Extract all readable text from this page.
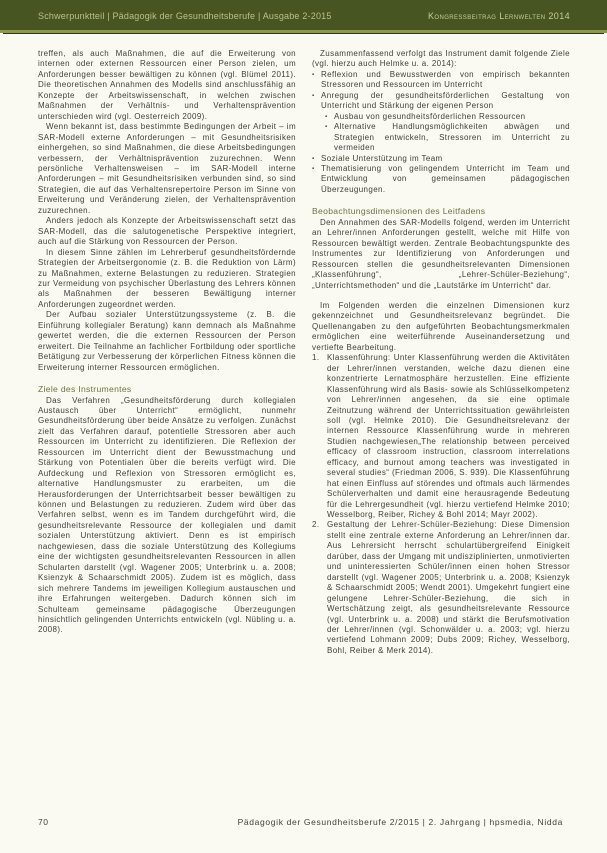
Schwerpunktteil | Pädagogik der Gesundheitsberufe | Ausgabe 2-2015	Kongressbeitrag Lernwelten 2014

treffen, als auch Maßnahmen, die auf die Erweiterung von internen oder externen Ressourcen einer Person zielen, um Anforderungen besser bewältigen zu können (vgl. Blümel 2011). Die theoretischen Annahmen des Modells sind anschlussfähig an Konzepte der Arbeitswissenschaft, in welchen zwischen Maßnahmen der Verhältnis- und Verhaltensprävention unterschieden wird (vgl. Oesterreich 2009).

Wenn bekannt ist, dass bestimmte Bedingungen der Arbeit – im SAR-Modell externe Anforderungen – mit Gesundheitsrisiken einhergehen, so sind Maßnahmen, die diese Arbeitsbedingungen verbessern, der Verhältnisprävention zuzurechnen. Wenn persönliche Verhaltensweisen – im SAR-Modell interne Anforderungen – mit Gesundheitsrisiken verbunden sind, so sind Strategien, die auf das Verhaltensrepertoire Person im Sinne von Erweiterung und Veränderung zielen, der Verhaltensprävention zuzurechnen.

Anders jedoch als Konzepte der Arbeitswissenschaft setzt das SAR-Modell, das die salutogenetische Perspektive integriert, auch auf die Stärkung von Ressourcen der Person.

In diesem Sinne zählen im Lehrerberuf gesundheitsfördernde Strategien der Arbeitsergonomie (z. B. die Reduktion von Lärm) zu Maßnahmen, externe Belastungen zu reduzieren. Strategien zur Vermeidung von psychischer Überlastung des Lehrers können als Maßnahmen der besseren Bewältigung interner Anforderungen zugeordnet werden.

Der Aufbau sozialer Unterstützungssysteme (z. B. die Einführung kollegialer Beratung) kann demnach als Maßnahme gewertet werden, die die externen Ressourcen der Person erweitert. Die Teilnahme an fachlicher Fortbildung oder sportliche Betätigung zur Verbesserung der körperlichen Fitness können die Erweiterung interner Ressourcen ermöglichen.

Ziele des Instrumentes

Das Verfahren „Gesundheitsförderung durch kollegialen Austausch über Unterricht“ ermöglicht, nunmehr Gesundheitsförderung über beide Ansätze zu verfolgen. Zunächst zielt das Verfahren darauf, potentielle Stressoren aber auch Ressourcen im Unterricht zu identifizieren. Die Reflexion der Ressourcen im Unterricht dient der Bewusstmachung und Stärkung von Potentialen über die bereits verfügt wird. Die Aufdeckung und Reflexion von Stressoren ermöglicht es, alternative Handlungsmuster zu erarbeiten, um die Herausforderungen der Unterrichtsarbeit besser bewältigen zu können und Belastungen zu reduzieren. Zudem wird über das Verfahren selbst, wenn es im Tandem durchgeführt wird, die gesundheitsrelevante Ressource der kollegialen und damit sozialen Unterstützung aktiviert. Denn es ist empirisch nachgewiesen, dass die soziale Unterstützung des Kollegiums eine der wichtigsten gesundheitsrelevanten Ressourcen in allen Schularten darstellt (vgl. Wagener 2005; Unterbrink u. a. 2008; Ksienzyk & Schaarschmidt 2005). Zudem ist es möglich, dass sich mehrere Tandems im jeweiligen Kollegium austauschen und ihre Erfahrungen weitergeben. Dadurch können sich im Schulteam gemeinsame pädagogische Überzeugungen hinsichtlich gelingenden Unterrichts entwickeln (vgl. Nübling u. a. 2008).

Zusammenfassend verfolgt das Instrument damit folgende Ziele (vgl. hierzu auch Helmke u. a. 2014):

▪ Reflexion und Bewusstwerden von empirisch bekannten Stressoren und Ressourcen im Unterricht
▪ Anregung der gesundheitsförderlichen Gestaltung von Unterricht und Stärkung der eigenen Person
▪ Ausbau von gesundheitsförderlichen Ressourcen
▪ Alternative Handlungsmöglichkeiten abwägen und Strategien entwickeln, Stressoren im Unterricht zu vermeiden
▪ Soziale Unterstützung im Team
▪ Thematisierung von gelingendem Unterricht im Team und Entwicklung von gemeinsamen pädagogischen Überzeugungen.
Beobachtungsdimensionen des Leitfadens

Den Annahmen des SAR-Modells folgend, werden im Unterricht an Lehrer/innen Anforderungen gestellt, welche mit Hilfe von Ressourcen bewältigt werden. Zentrale Beobachtungspunkte des Instrumentes zur Identifizierung von Anforderungen und Ressourcen stellen die gesundheitsrelevanten Dimensionen „Klassenführung“, „Lehrer-Schüler-Beziehung“, „Unterrichtsmethoden“ und die „Lautstärke im Unterricht“ dar.

Im Folgenden werden die einzelnen Dimensionen kurz gekennzeichnet und Gesundheitsrelevanz begründet. Die Quellenangaben zu den aufgeführten Beobachtungsmerkmalen ermöglichen eine weiterführende Auseinandersetzung und vertiefte Bearbeitung.

1. Klassenführung: Unter Klassenführung werden die Aktivitäten der Lehrer/innen verstanden, welche dazu dienen eine konzentrierte Lernatmosphäre herzustellen. Eine effiziente Klassenführung wird als Basis- sowie als Schlüsselkompetenz von Lehrer/innen angesehen, da sie eine optimale Zeitnutzung während der Unterrichtssituation gewährleisten soll (vgl. Helmke 2010). Die Gesundheitsrelevanz der internen Ressource Klassenführung wurde in mehreren Studien nachgewiesen„The relationship between perceived efficacy of classroom instruction, classroom interrelations efficacy, and burnout among teachers was investigated in several studies“ (Friedman 2006, S. 939). Die Klassenführung hat einen Einfluss auf störendes und oftmals auch lärmendes Schülerverhalten und damit eine herausragende Bedeutung für die Lehrergesundheit (vgl. hierzu vertiefend Helmke 2010; Wesselborg, Reiber, Richey & Bohl 2014; Mayr 2002).
2. Gestaltung der Lehrer-Schüler-Beziehung: Diese Dimension stellt eine zentrale externe Anforderung an Lehrer/innen dar. Aus Lehrersicht herrscht schulartübergreifend Einigkeit darüber, dass der Umgang mit undisziplinierten, unmotivierten und uninteressierten Schüler/innen einen hohen Stressor darstellt (vgl. Wagener 2005; Unterbrink u. a. 2008; Ksienzyk & Schaarschmidt 2005; Wendt 2001). Umgekehrt fungiert eine gelungene Lehrer-Schüler-Beziehung, die sich in Wertschätzung zeigt, als gesundheitsrelevante Ressource (vgl. Unterbrink u. a. 2008) und stärkt die Berufsmotivation der Lehrer/innen (vgl. Schonwälder u. a. 2003; vgl. hierzu vertiefend Lohmann 2009; Dubs 2009; Richey, Wesselborg, Bohl, Reiber & Merk 2014).
70	Pädagogik der Gesundheitsberufe 2/2015 | 2. Jahrgang | hpsmedia, Nidda
